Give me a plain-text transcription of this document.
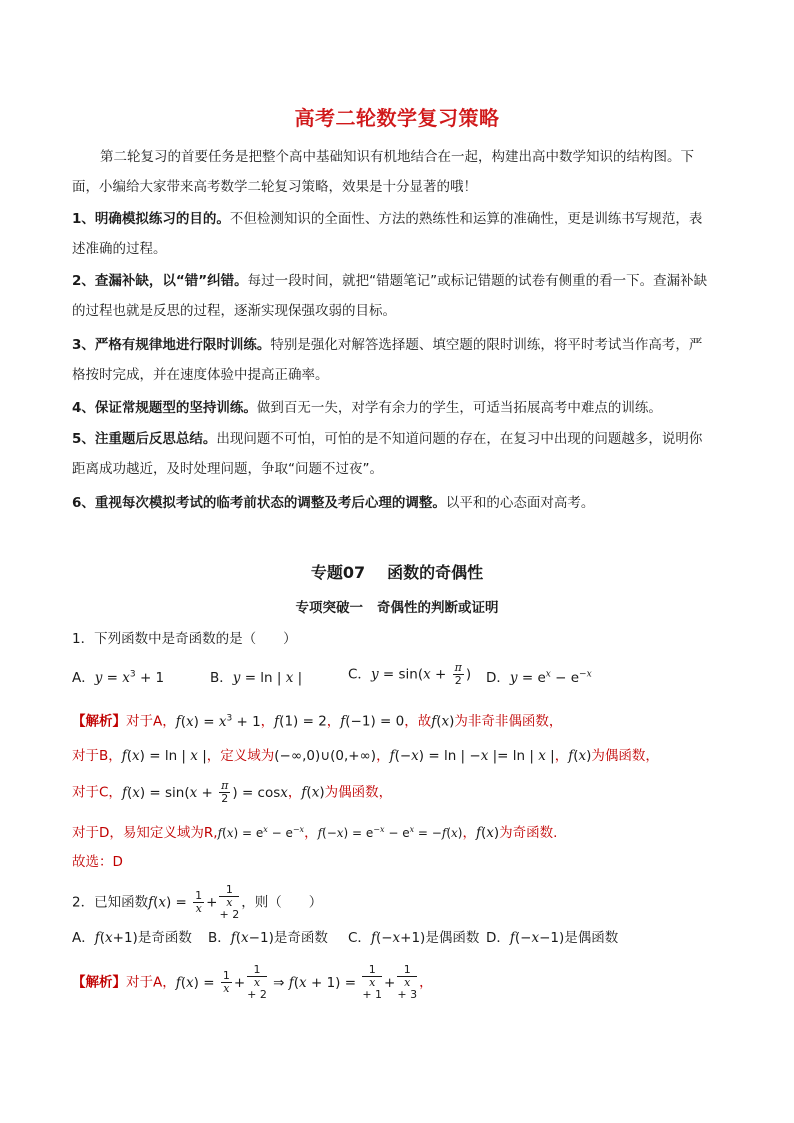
高考二轮数学复习策略
第二轮复习的首要任务是把整个高中基础知识有机地结合在一起，构建出高中数学知识的结构图。下
面，小编给大家带来高考数学二轮复习策略，效果是十分显著的哦！
1、明确模拟练习的目的。不但检测知识的全面性、方法的熟练性和运算的准确性，更是训练书写规范，表
述准确的过程。
2、查漏补缺，以“错”纠错。每过一段时间，就把“错题笔记”或标记错题的试卷有侧重的看一下。查漏补缺
的过程也就是反思的过程，逐渐实现保强攻弱的目标。
3、严格有规律地进行限时训练。特别是强化对解答选择题、填空题的限时训练，将平时考试当作高考，严
格按时完成，并在速度体验中提高正确率。
4、保证常规题型的坚持训练。做到百无一失，对学有余力的学生，可适当拓展高考中难点的训练。
5、注重题后反思总结。出现问题不可怕，可怕的是不知道问题的存在，在复习中出现的问题越多，说明你
距离成功越近，及时处理问题，争取“问题不过夜”。
6、重视每次模拟考试的临考前状态的调整及考后心理的调整。以平和的心态面对高考。
专题07 函数的奇偶性
专项突破一 奇偶性的判断或证明
1．下列函数中是奇函数的是（　　）
A．$y = x^3 + 1$	B．y = ln | x |	C．$y = \sin(x + \frac{\pi}{2}$ ) D．$y = e^x - e^{-x}$
【解析】对于A，$f(x) = x^3 + 1$，f(1) = 2，f(−1) = 0，故f(x)为非奇非偶函数，
对于B，f(x) = ln | x |，定义域为(−∞,0)∪(0,+∞)，f(−x) = ln | −x |= ln | x |，f(x)为偶函数，
对于C，$f(x) = \sin(x + \frac{\pi}{2}$ ) = cosx，f(x)为偶函数，
对于D，易知定义域为$R,f(x) = e^x - e^{-x}$，$f(-x) = e^{-x} - e^x = -f(x)$，f(x)为奇函数.
故选：D
2．已知函数$f(x) = \frac{1}{x} + 1$
x
+ 2 ，则（　　）
A．f(x+1)是奇函数 B．f(x−1)是奇函数 C．f(−x+1)是偶函数 D．f(−x−1)是偶函数
【解析】对于A，$f(x) = \frac{1}{x} + 1$
x
+ 2 ⇒ f(x + 1) = 1
x
+ 1 + 1
x
+ 3 ，
